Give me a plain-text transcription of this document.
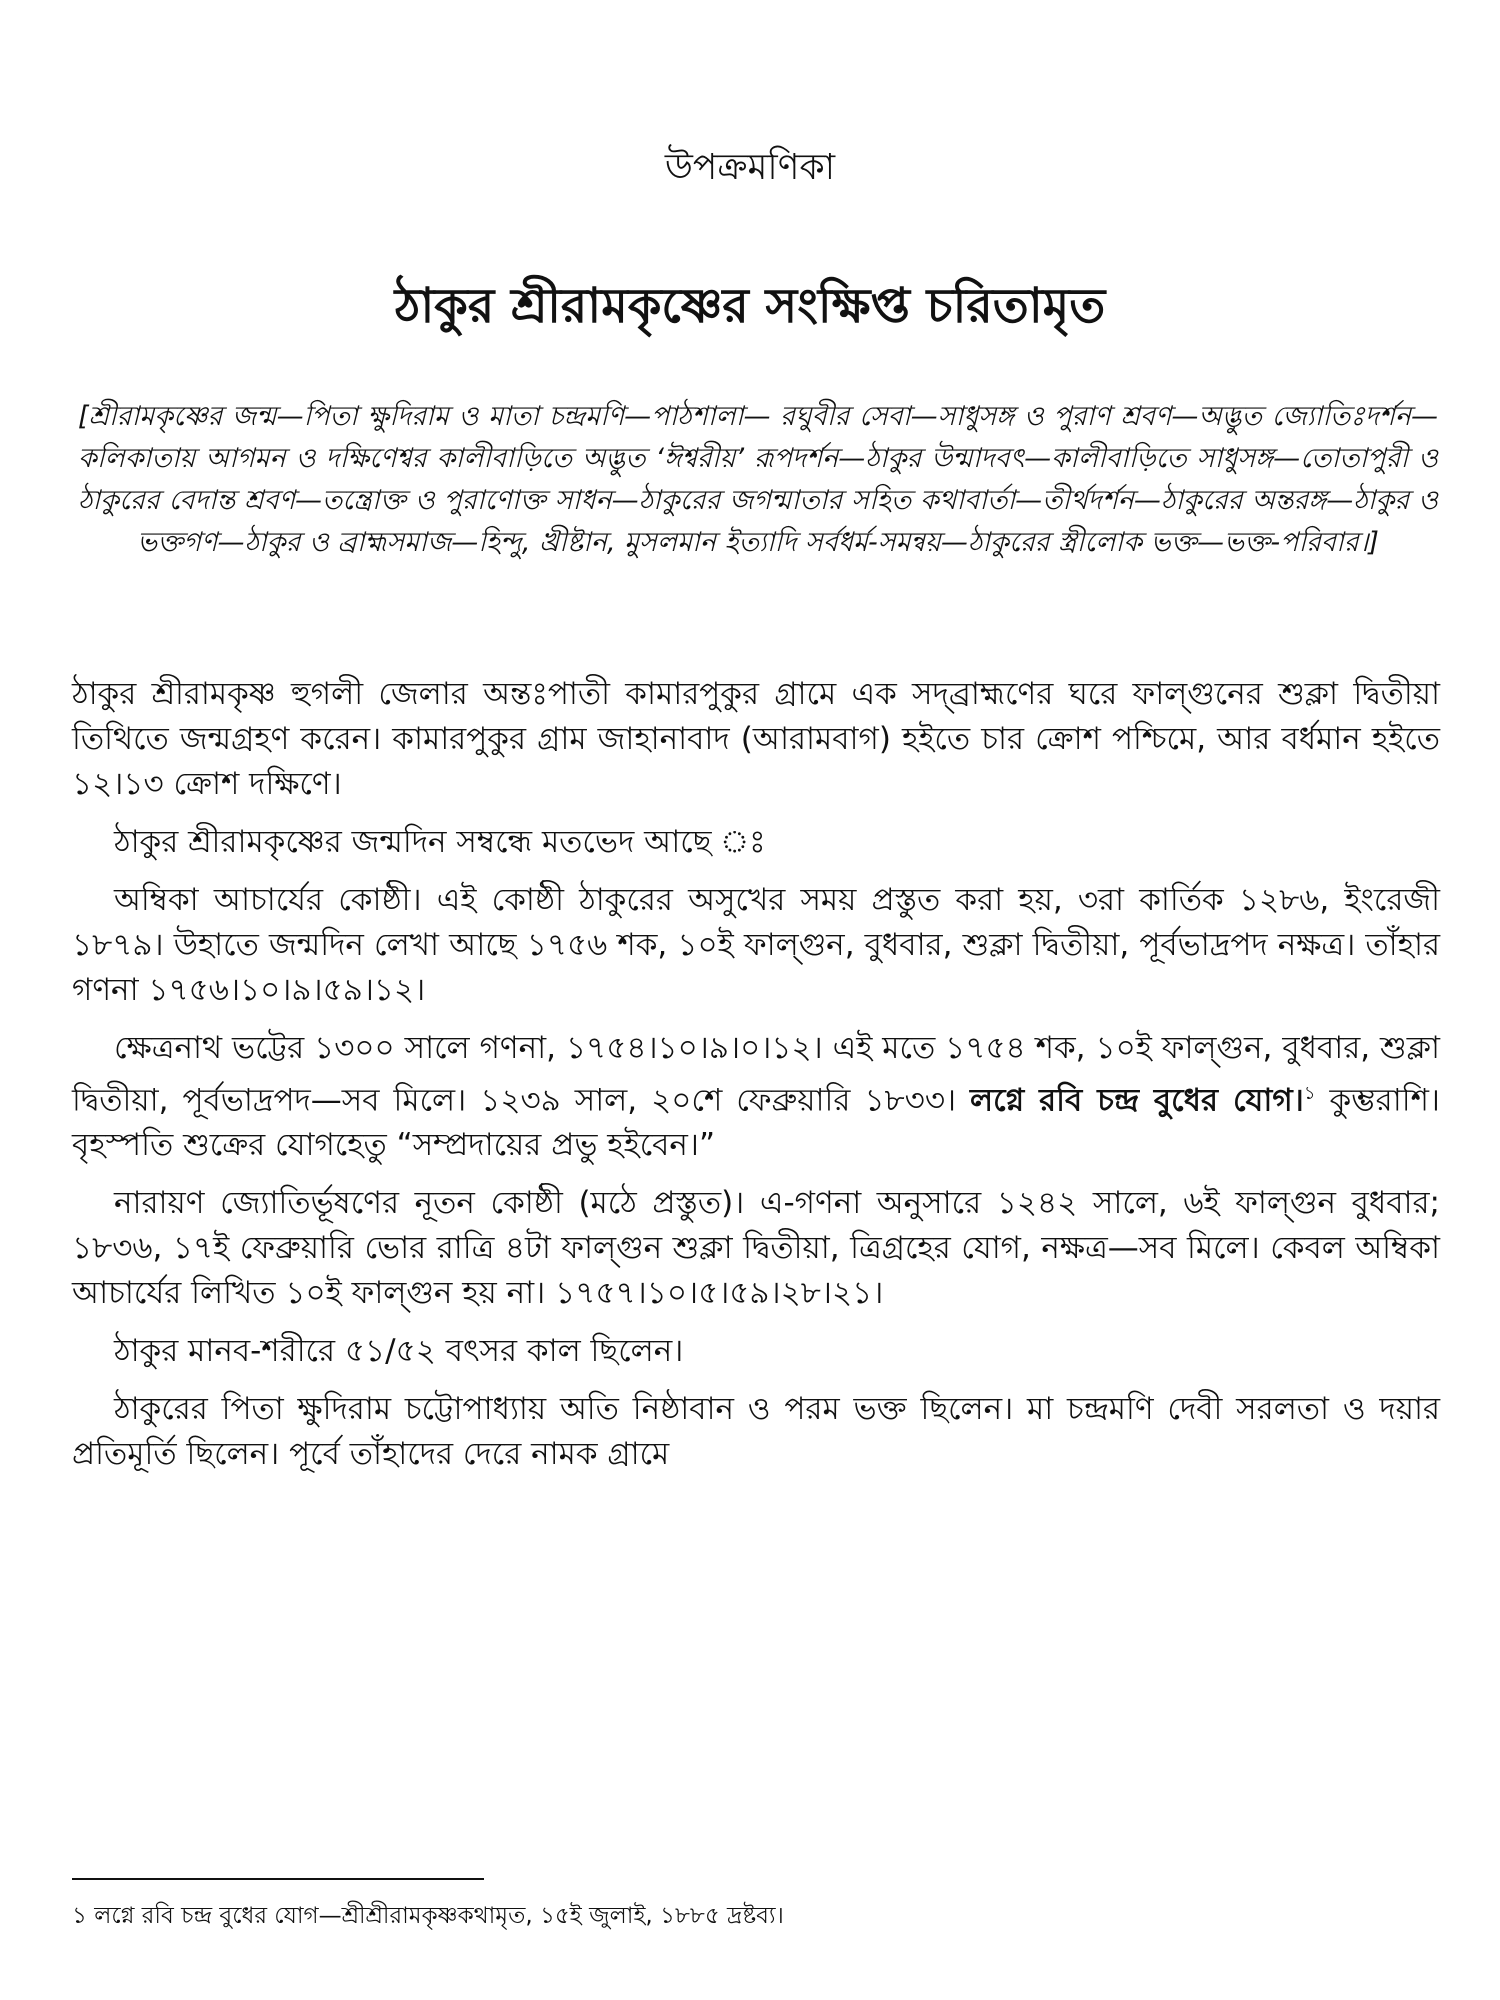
উপক্রমণিকা
ঠাকুর শ্রীরামকৃষ্ণের সংক্ষিপ্ত চরিতামৃত

[শ্রীরামকৃষ্ণের জন্ম—পিতা ক্ষুদিরাম ও মাতা চন্দ্রমণি—পাঠশালা— রঘুবীর সেবা—সাধুসঙ্গ ও পুরাণ শ্রবণ—অদ্ভুত জ্যোতিঃদর্শন—কলিকাতায় আগমন ও দক্ষিণেশ্বর কালীবাড়িতে অদ্ভুত ‘ঈশ্বরীয়’ রূপদর্শন—ঠাকুর উন্মাদবৎ—কালীবাড়িতে সাধুসঙ্গ—তোতাপুরী ও ঠাকুরের বেদান্ত শ্রবণ—তন্ত্রোক্ত ও পুরাণোক্ত সাধন—ঠাকুরের জগন্মাতার সহিত কথাবার্তা—তীর্থদর্শন—ঠাকুরের অন্তরঙ্গ—ঠাকুর ও ভক্তগণ—ঠাকুর ও ব্রাহ্মসমাজ—হিন্দু, খ্রীষ্টান, মুসলমান ইত্যাদি সর্বধর্ম-সমন্বয়—ঠাকুরের স্ত্রীলোক ভক্ত—ভক্ত-পরিবার।]

ঠাকুর শ্রীরামকৃষ্ণ হুগলী জেলার অন্তঃপাতী কামারপুকুর গ্রামে এক সদ্‌ব্রাহ্মণের ঘরে ফাল্গুনের শুক্লা দ্বিতীয়া তিথিতে জন্মগ্রহণ করেন। কামারপুকুর গ্রাম জাহানাবাদ (আরামবাগ) হইতে চার ক্রোশ পশ্চিমে, আর বর্ধমান হইতে ১২।১৩ ক্রোশ দক্ষিণে।

ঠাকুর শ্রীরামকৃষ্ণের জন্মদিন সম্বন্ধে মতভেদ আছে ঃ

অম্বিকা আচার্যের কোষ্ঠী। এই কোষ্ঠী ঠাকুরের অসুখের সময় প্রস্তুত করা হয়, ৩রা কার্তিক ১২৮৬, ইংরেজী ১৮৭৯। উহাতে জন্মদিন লেখা আছে ১৭৫৬ শক, ১০ই ফাল্গুন, বুধবার, শুক্লা দ্বিতীয়া, পূর্বভাদ্রপদ নক্ষত্র। তাঁহার গণনা ১৭৫৬।১০।৯।৫৯।১২।

ক্ষেত্রনাথ ভট্টের ১৩০০ সালে গণনা, ১৭৫৪।১০।৯।০।১২। এই মতে ১৭৫৪ শক, ১০ই ফাল্গুন, বুধবার, শুক্লা দ্বিতীয়া, পূর্বভাদ্রপদ—সব মিলে। ১২৩৯ সাল, ২০শে ফেব্রুয়ারি ১৮৩৩। লগ্নে রবি চন্দ্র বুধের যোগ।$^১$ কুম্ভরাশি। বৃহস্পতি শুক্রের যোগহেতু “সম্প্রদায়ের প্রভু হইবেন।”

নারায়ণ জ্যোতির্ভূষণের নূতন কোষ্ঠী (মঠে প্রস্তুত)। এ-গণনা অনুসারে ১২৪২ সালে, ৬ই ফাল্গুন বুধবার; ১৮৩৬, ১৭ই ফেব্রুয়ারি ভোর রাত্রি ৪টা ফাল্গুন শুক্লা দ্বিতীয়া, ত্রিগ্রহের যোগ, নক্ষত্র—সব মিলে। কেবল অম্বিকা আচার্যের লিখিত ১০ই ফাল্গুন হয় না। ১৭৫৭।১০।৫।৫৯।২৮।২১।

ঠাকুর মানব-শরীরে ৫১/৫২ বৎসর কাল ছিলেন।

ঠাকুরের পিতা ক্ষুদিরাম চট্টোপাধ্যায় অতি নিষ্ঠাবান ও পরম ভক্ত ছিলেন। মা চন্দ্রমণি দেবী সরলতা ও দয়ার প্রতিমূর্তি ছিলেন। পূর্বে তাঁহাদের দেরে নামক গ্রামে

১ লগ্নে রবি চন্দ্র বুধের যোগ—শ্রীশ্রীরামকৃষ্ণকথামৃত, ১৫ই জুলাই, ১৮৮৫ দ্রষ্টব্য।
